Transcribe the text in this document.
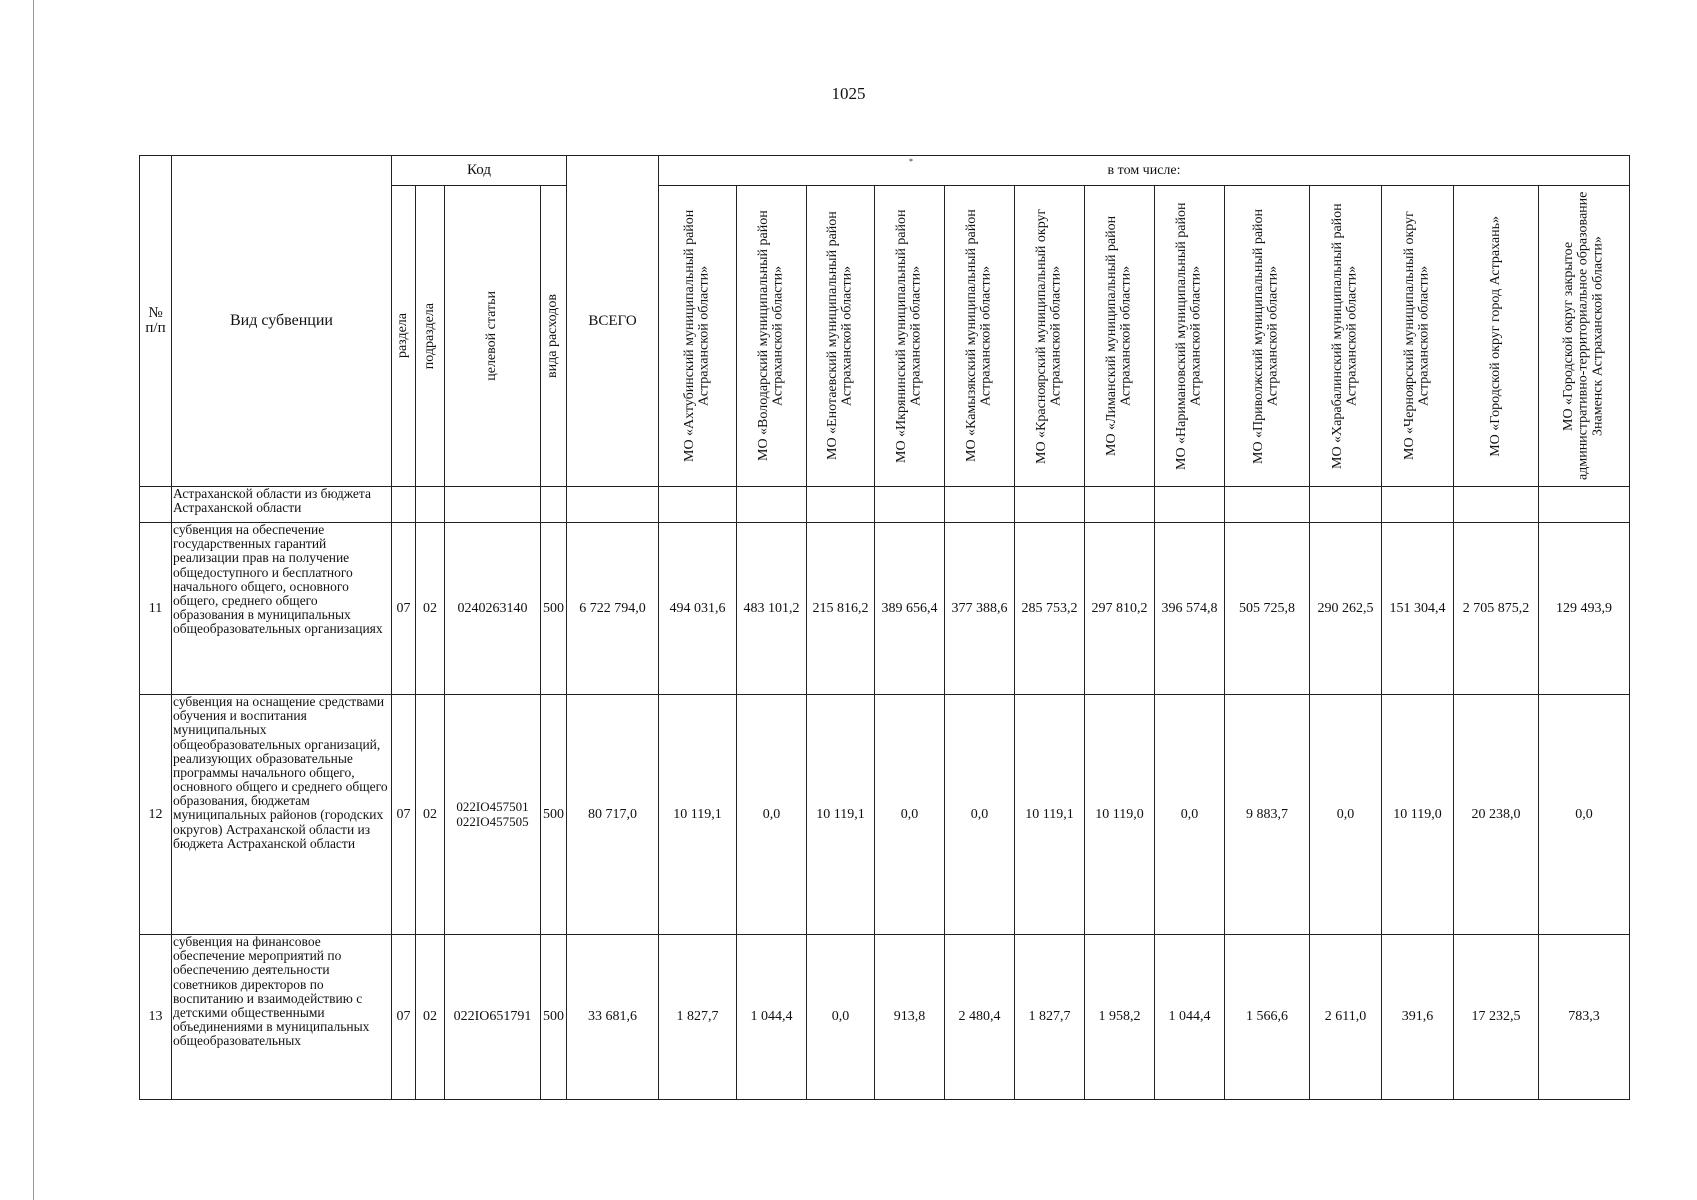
1025
№ п/п	Вид субвенции	Код				ВСЕГО	*
в том числе:												

		раздела	подраздела	целевой статьи	вида расходов		МО «Ахтубинский муниципальный район Астраханской области»	МО «Володарский муниципальный район Астраханской области»	МО «Енотаевский муниципальный район Астраханской области»	МО «Икрянинский муниципальный район Астраханской области»	МО «Камызякский муниципальный район Астраханской области»	МО «Красноярский муниципальный округ Астраханской области»	МО «Лиманский муниципальный район Астраханской области»	МО «Наримановский муниципальный район Астраханской области»	МО «Приволжский муниципальный район Астраханской области»	МО «Харабалинский муниципальный район Астраханской области»	МО «Черноярский муниципальный округ Астраханской области»	МО «Городской округ город Астрахань»	МО «Городской округ закрытое административно-территориальное образование Знаменск Астраханской области»

	Астраханской области из бюджета Астраханской области																		
11	субвенция на обеспечение государственных гарантий реализации прав на получение общедоступного и бесплатного начального общего, основного общего, среднего общего образования в муниципальных общеобразовательных организациях	07	02	0240263140	500	6 722 794,0	494 031,6	483 101,2	215 816,2	389 656,4	377 388,6	285 753,2	297 810,2	396 574,8	505 725,8	290 262,5	151 304,4	2 705 875,2	129 493,9
12	субвенция на оснащение средствами обучения и воспитания муниципальных общеобразовательных организаций, реализующих образовательные программы начального общего, основного общего и среднего общего образования, бюджетам муниципальных районов (городских округов) Астраханской области из бюджета Астраханской области	07	02	022IO457501 022IO457505	500	80 717,0	10 119,1	0,0	10 119,1	0,0	0,0	10 119,1	10 119,0	0,0	9 883,7	0,0	10 119,0	20 238,0	0,0
13	субвенция на финансовое обеспечение мероприятий по обеспечению деятельности советников директоров по воспитанию и взаимодействию с детскими общественными объединениями в муниципальных общеобразовательных	07	02	022IO651791	500	33 681,6	1 827,7	1 044,4	0,0	913,8	2 480,4	1 827,7	1 958,2	1 044,4	1 566,6	2 611,0	391,6	17 232,5	783,3
